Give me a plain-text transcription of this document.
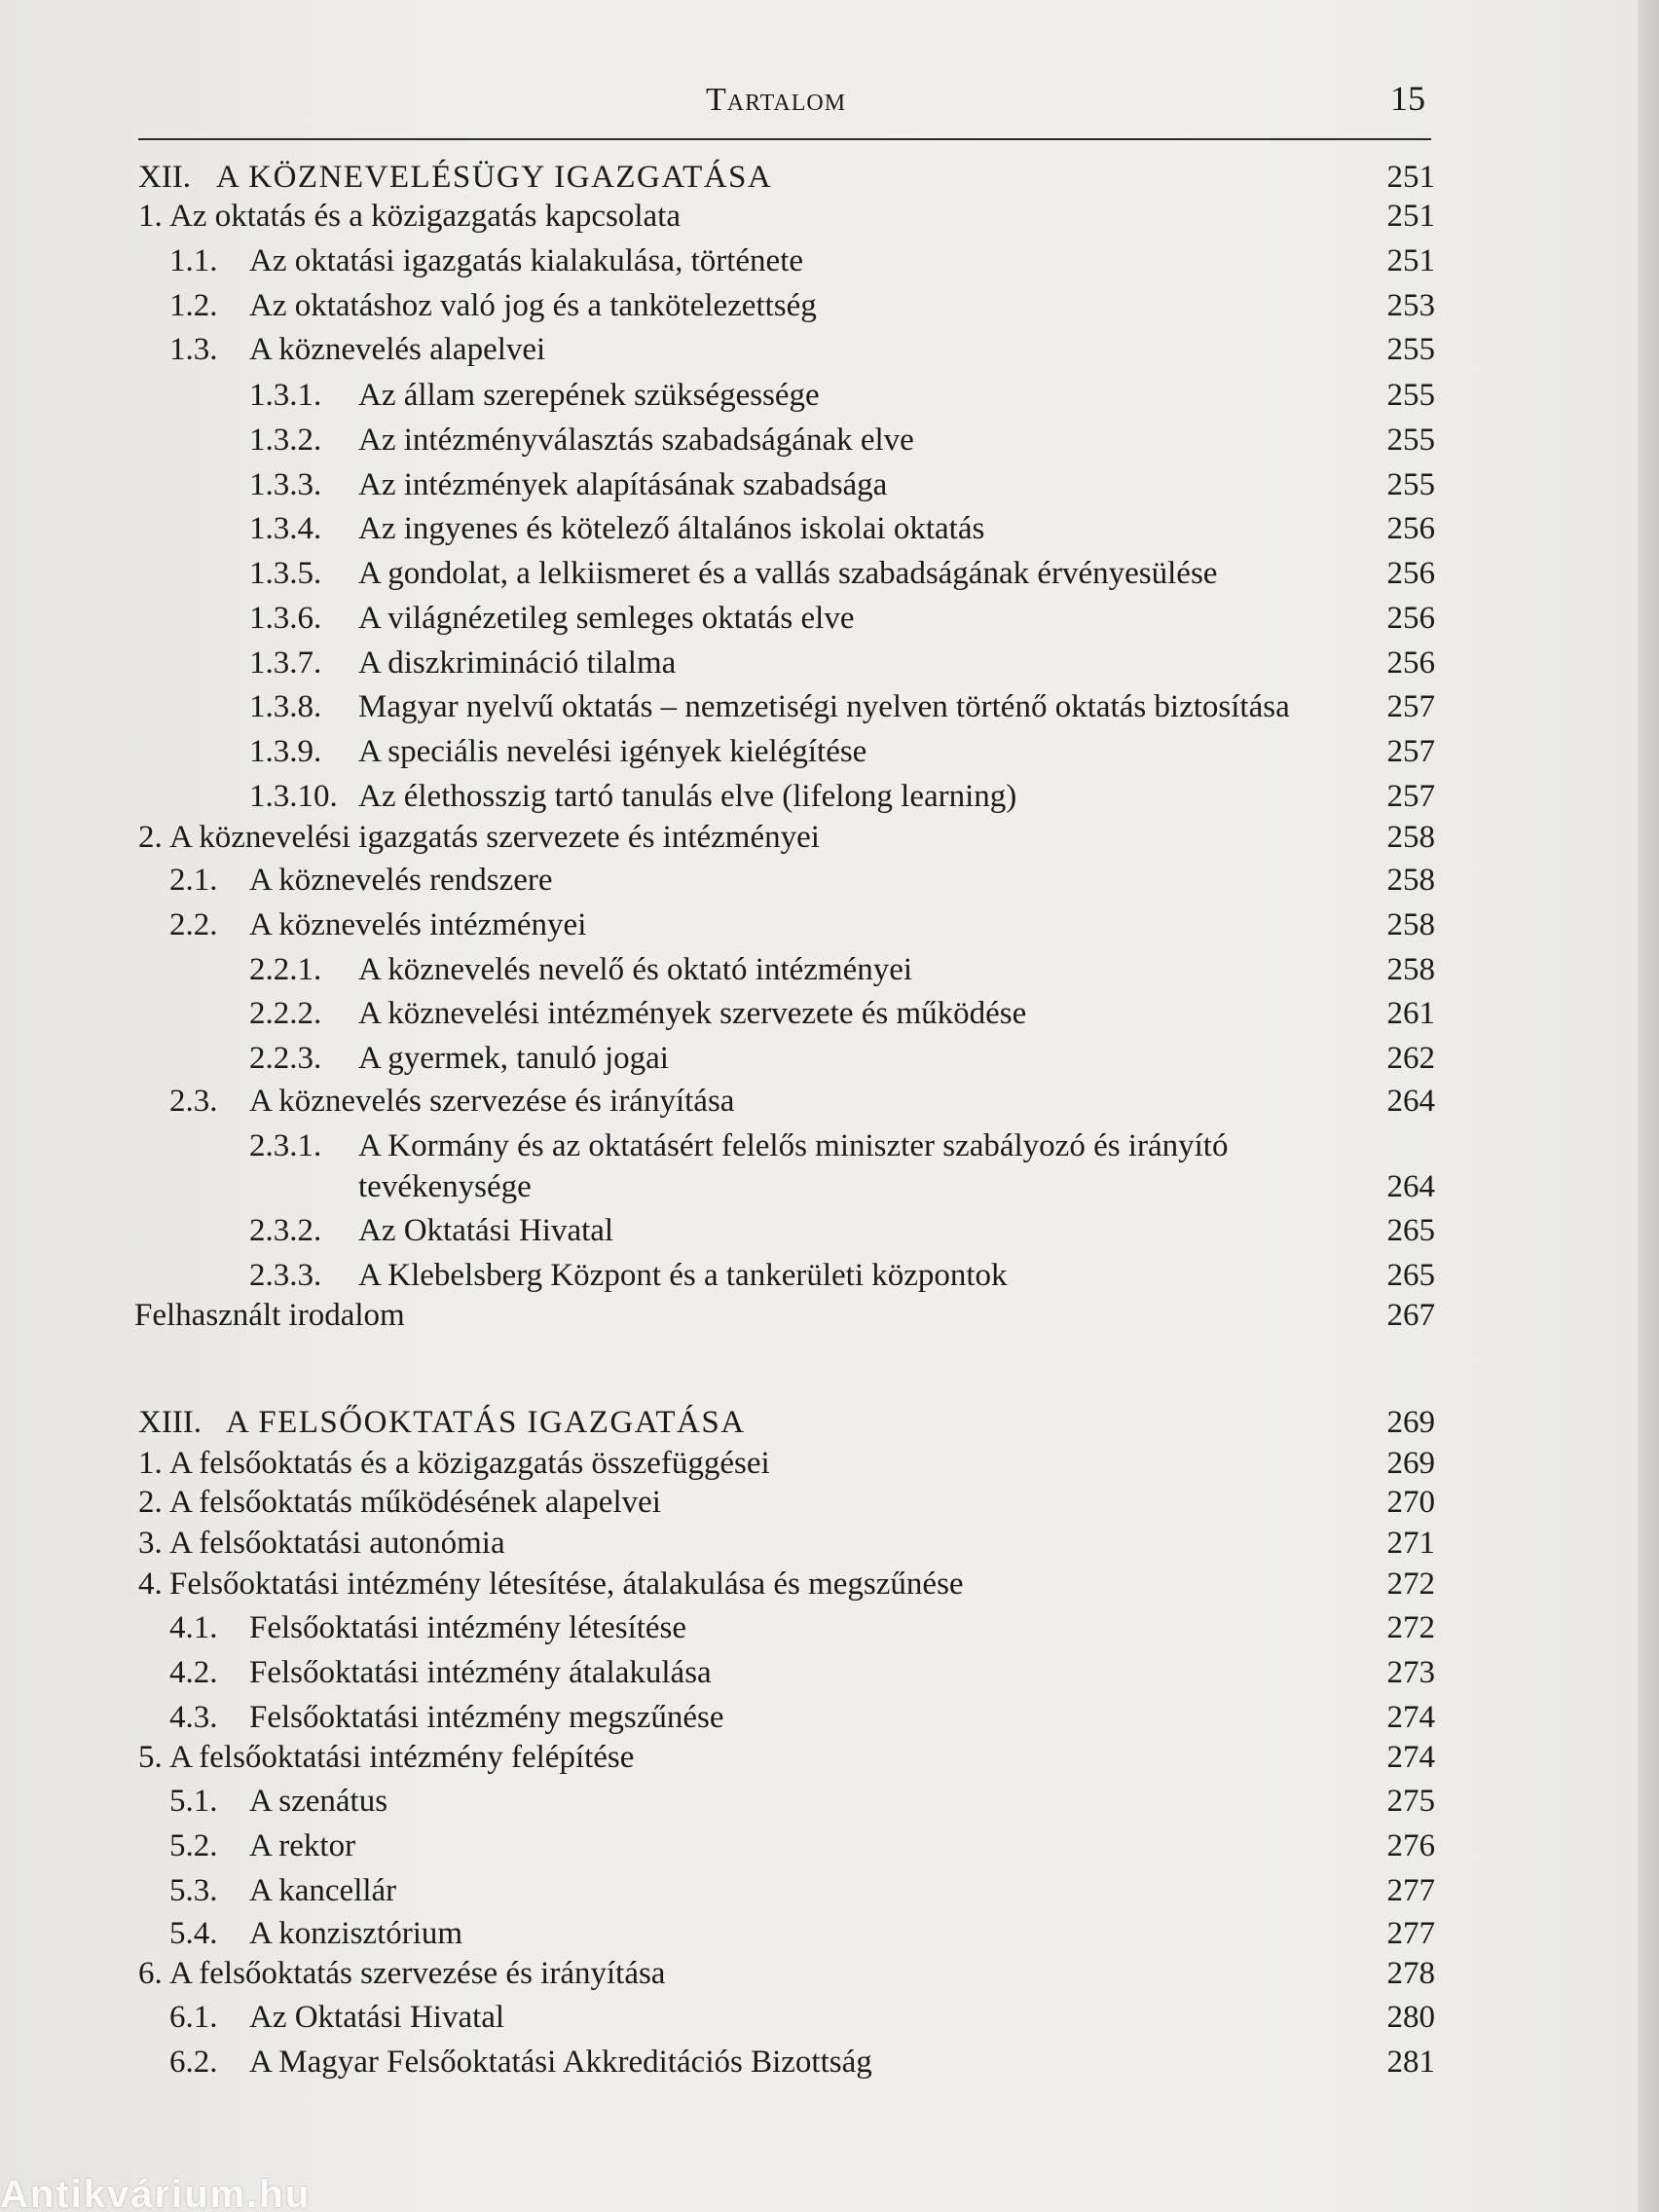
Tartalom	15
XII. A KÖZNEVELÉSÜGY IGAZGATÁSA	251
1. Az oktatás és a közigazgatás kapcsolata	251
1.1. Az oktatási igazgatás kialakulása, története	251
1.2. Az oktatáshoz való jog és a tankötelezettség	253
1.3. A köznevelés alapelvei	255
1.3.1. Az állam szerepének szükségessége	255
1.3.2. Az intézményválasztás szabadságának elve	255
1.3.3. Az intézmények alapításának szabadsága	255
1.3.4. Az ingyenes és kötelező általános iskolai oktatás	256
1.3.5. A gondolat, a lelkiismeret és a vallás szabadságának érvényesülése	256
1.3.6. A világnézetileg semleges oktatás elve	256
1.3.7. A diszkrimináció tilalma	256
1.3.8. Magyar nyelvű oktatás – nemzetiségi nyelven történő oktatás biztosítása	257
1.3.9. A speciális nevelési igények kielégítése	257
1.3.10. Az élethosszig tartó tanulás elve (lifelong learning)	257
2. A köznevelési igazgatás szervezete és intézményei	258
2.1. A köznevelés rendszere	258
2.2. A köznevelés intézményei	258
2.2.1. A köznevelés nevelő és oktató intézményei	258
2.2.2. A köznevelési intézmények szervezete és működése	261
2.2.3. A gyermek, tanuló jogai	262
2.3. A köznevelés szervezése és irányítása	264
2.3.1. A Kormány és az oktatásért felelős miniszter szabályozó és irányító
tevékenysége	264
2.3.2. Az Oktatási Hivatal	265
2.3.3. A Klebelsberg Központ és a tankerületi központok	265
Felhasznált irodalom	267
XIII. A FELSŐOKTATÁS IGAZGATÁSA	269
1. A felsőoktatás és a közigazgatás összefüggései	269
2. A felsőoktatás működésének alapelvei	270
3. A felsőoktatási autonómia	271
4. Felsőoktatási intézmény létesítése, átalakulása és megszűnése	272
4.1. Felsőoktatási intézmény létesítése	272
4.2. Felsőoktatási intézmény átalakulása	273
4.3. Felsőoktatási intézmény megszűnése	274
5. A felsőoktatási intézmény felépítése	274
5.1. A szenátus	275
5.2. A rektor	276
5.3. A kancellár	277
5.4. A konzisztórium	277
6. A felsőoktatás szervezése és irányítása	278
6.1. Az Oktatási Hivatal	280
6.2. A Magyar Felsőoktatási Akkreditációs Bizottság	281
Antikvárium.hu
